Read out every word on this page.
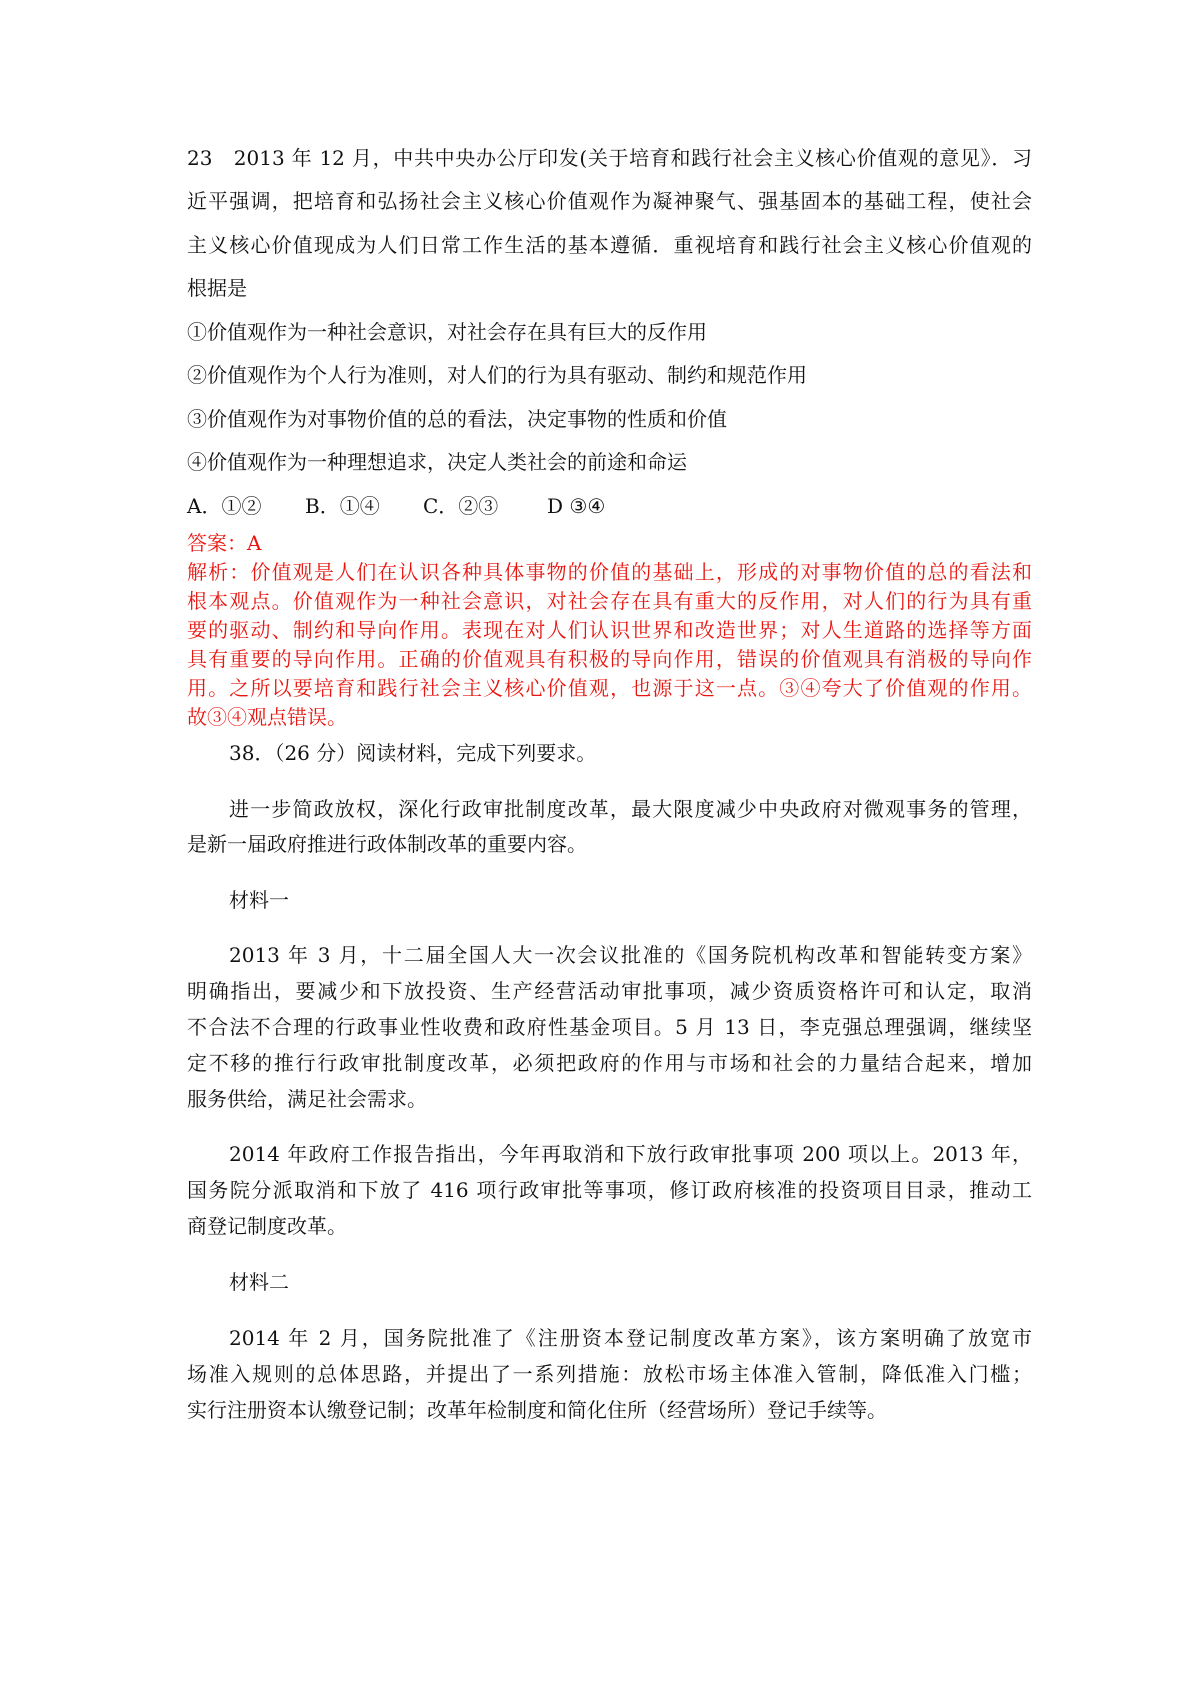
23　2013 年 12 月，中共中央办公厅印发(关于培育和践行社会主义核心价值观的意见》．习
近平强调，把培育和弘扬社会主义核心价值观作为凝神聚气、强基固本的基础工程，使社会
主义核心价值现成为人们日常工作生活的基本遵循．重视培育和践行社会主义核心价值观的
根据是
①价值观作为一种社会意识，对社会存在具有巨大的反作用
②价值观作为个人行为准则，对人们的行为具有驱动、制约和规范作用
③价值观作为对事物价值的总的看法，决定事物的性质和价值
④价值观作为一种理想追求，决定人类社会的前途和命运
A．①② B．①④ C．②③ D ③④
答案：A
解析：价值观是人们在认识各种具体事物的价值的基础上，形成的对事物价值的总的看法和
根本观点。价值观作为一种社会意识，对社会存在具有重大的反作用，对人们的行为具有重
要的驱动、制约和导向作用。表现在对人们认识世界和改造世界；对人生道路的选择等方面
具有重要的导向作用。正确的价值观具有积极的导向作用，错误的价值观具有消极的导向作
用。之所以要培育和践行社会主义核心价值观，也源于这一点。③④夸大了价值观的作用。
故③④观点错误。
38．（26 分）阅读材料，完成下列要求。
进一步简政放权，深化行政审批制度改革，最大限度减少中央政府对微观事务的管理，
是新一届政府推进行政体制改革的重要内容。
材料一
2013 年 3 月，十二届全国人大一次会议批准的《国务院机构改革和智能转变方案》
明确指出，要减少和下放投资、生产经营活动审批事项，减少资质资格许可和认定，取消
不合法不合理的行政事业性收费和政府性基金项目。5 月 13 日，李克强总理强调，继续坚
定不移的推行行政审批制度改革，必须把政府的作用与市场和社会的力量结合起来，增加
服务供给，满足社会需求。
2014 年政府工作报告指出，今年再取消和下放行政审批事项 200 项以上。2013 年，
国务院分派取消和下放了 416 项行政审批等事项，修订政府核准的投资项目目录，推动工
商登记制度改革。
材料二
2014 年 2 月，国务院批准了《注册资本登记制度改革方案》，该方案明确了放宽市
场准入规则的总体思路，并提出了一系列措施：放松市场主体准入管制，降低准入门槛；
实行注册资本认缴登记制；改革年检制度和简化住所（经营场所）登记手续等。
